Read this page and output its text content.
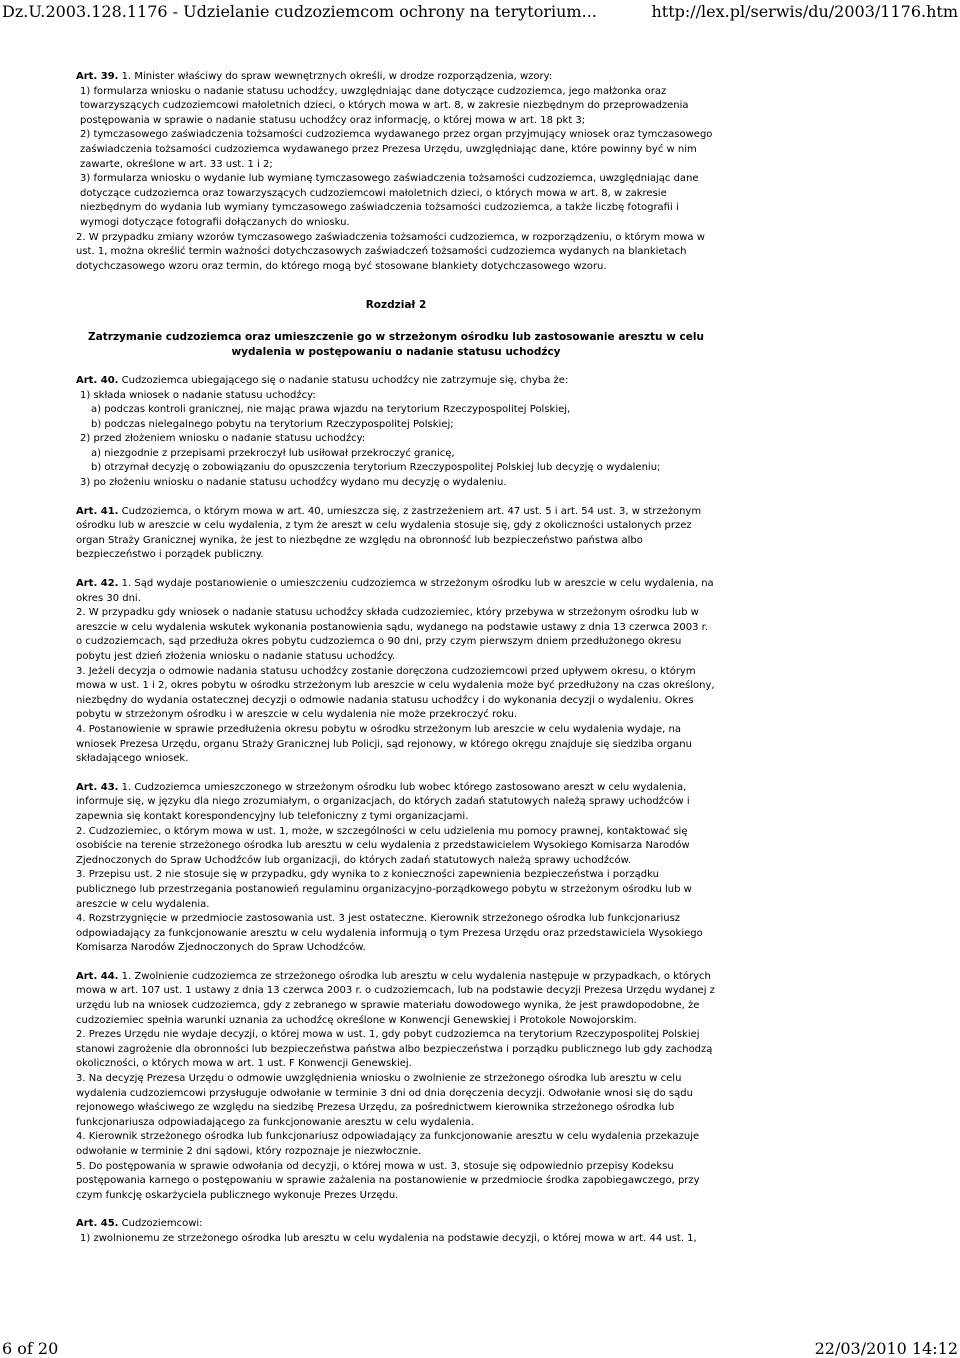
Dz.U.2003.128.1176 - Udzielanie cudzoziemcom ochrony na terytorium...	http://lex.pl/serwis/du/2003/1176.htm

Art. 39. 1. Minister właściwy do spraw wewnętrznych określi, w drodze rozporządzenia, wzory:

1) formularza wniosku o nadanie statusu uchodźcy, uwzględniając dane dotyczące cudzoziemca, jego małżonka oraz towarzyszących cudzoziemcowi małoletnich dzieci, o których mowa w art. 8, w zakresie niezbędnym do przeprowadzenia postępowania w sprawie o nadanie statusu uchodźcy oraz informację, o której mowa w art. 18 pkt 3;

2) tymczasowego zaświadczenia tożsamości cudzoziemca wydawanego przez organ przyjmujący wniosek oraz tymczasowego zaświadczenia tożsamości cudzoziemca wydawanego przez Prezesa Urzędu, uwzględniając dane, które powinny być w nim zawarte, określone w art. 33 ust. 1 i 2;

3) formularza wniosku o wydanie lub wymianę tymczasowego zaświadczenia tożsamości cudzoziemca, uwzględniając dane dotyczące cudzoziemca oraz towarzyszących cudzoziemcowi małoletnich dzieci, o których mowa w art. 8, w zakresie niezbędnym do wydania lub wymiany tymczasowego zaświadczenia tożsamości cudzoziemca, a także liczbę fotografii i wymogi dotyczące fotografii dołączanych do wniosku.

2. W przypadku zmiany wzorów tymczasowego zaświadczenia tożsamości cudzoziemca, w rozporządzeniu, o którym mowa w ust. 1, można określić termin ważności dotychczasowych zaświadczeń tożsamości cudzoziemca wydanych na blankietach dotychczasowego wzoru oraz termin, do którego mogą być stosowane blankiety dotychczasowego wzoru.

Rozdział 2

Zatrzymanie cudzoziemca oraz umieszczenie go w strzeżonym ośrodku lub zastosowanie aresztu w celu wydalenia w postępowaniu o nadanie statusu uchodźcy

Art. 40. Cudzoziemca ubiegającego się o nadanie statusu uchodźcy nie zatrzymuje się, chyba że:

1) składa wniosek o nadanie statusu uchodźcy:

a) podczas kontroli granicznej, nie mając prawa wjazdu na terytorium Rzeczypospolitej Polskiej,

b) podczas nielegalnego pobytu na terytorium Rzeczypospolitej Polskiej;

2) przed złożeniem wniosku o nadanie statusu uchodźcy:

a) niezgodnie z przepisami przekroczył lub usiłował przekroczyć granicę,

b) otrzymał decyzję o zobowiązaniu do opuszczenia terytorium Rzeczypospolitej Polskiej lub decyzję o wydaleniu;

3) po złożeniu wniosku o nadanie statusu uchodźcy wydano mu decyzję o wydaleniu.

Art. 41. Cudzoziemca, o którym mowa w art. 40, umieszcza się, z zastrzeżeniem art. 47 ust. 5 i art. 54 ust. 3, w strzeżonym ośrodku lub w areszcie w celu wydalenia, z tym że areszt w celu wydalenia stosuje się, gdy z okoliczności ustalonych przez organ Straży Granicznej wynika, że jest to niezbędne ze względu na obronność lub bezpieczeństwo państwa albo bezpieczeństwo i porządek publiczny.

Art. 42. 1. Sąd wydaje postanowienie o umieszczeniu cudzoziemca w strzeżonym ośrodku lub w areszcie w celu wydalenia, na okres 30 dni.

2. W przypadku gdy wniosek o nadanie statusu uchodźcy składa cudzoziemiec, który przebywa w strzeżonym ośrodku lub w areszcie w celu wydalenia wskutek wykonania postanowienia sądu, wydanego na podstawie ustawy z dnia 13 czerwca 2003 r. o cudzoziemcach, sąd przedłuża okres pobytu cudzoziemca o 90 dni, przy czym pierwszym dniem przedłużonego okresu pobytu jest dzień złożenia wniosku o nadanie statusu uchodźcy.

3. Jeżeli decyzja o odmowie nadania statusu uchodźcy zostanie doręczona cudzoziemcowi przed upływem okresu, o którym mowa w ust. 1 i 2, okres pobytu w ośrodku strzeżonym lub areszcie w celu wydalenia może być przedłużony na czas określony, niezbędny do wydania ostatecznej decyzji o odmowie nadania statusu uchodźcy i do wykonania decyzji o wydaleniu. Okres pobytu w strzeżonym ośrodku i w areszcie w celu wydalenia nie może przekroczyć roku.

4. Postanowienie w sprawie przedłużenia okresu pobytu w ośrodku strzeżonym lub areszcie w celu wydalenia wydaje, na wniosek Prezesa Urzędu, organu Straży Granicznej lub Policji, sąd rejonowy, w którego okręgu znajduje się siedziba organu składającego wniosek.

Art. 43. 1. Cudzoziemca umieszczonego w strzeżonym ośrodku lub wobec którego zastosowano areszt w celu wydalenia, informuje się, w języku dla niego zrozumiałym, o organizacjach, do których zadań statutowych należą sprawy uchodźców i zapewnia się kontakt korespondencyjny lub telefoniczny z tymi organizacjami.

2. Cudzoziemiec, o którym mowa w ust. 1, może, w szczególności w celu udzielenia mu pomocy prawnej, kontaktować się osobiście na terenie strzeżonego ośrodka lub aresztu w celu wydalenia z przedstawicielem Wysokiego Komisarza Narodów Zjednoczonych do Spraw Uchodźców lub organizacji, do których zadań statutowych należą sprawy uchodźców.

3. Przepisu ust. 2 nie stosuje się w przypadku, gdy wynika to z konieczności zapewnienia bezpieczeństwa i porządku publicznego lub przestrzegania postanowień regulaminu organizacyjno-porządkowego pobytu w strzeżonym ośrodku lub w areszcie w celu wydalenia.

4. Rozstrzygnięcie w przedmiocie zastosowania ust. 3 jest ostateczne. Kierownik strzeżonego ośrodka lub funkcjonariusz odpowiadający za funkcjonowanie aresztu w celu wydalenia informują o tym Prezesa Urzędu oraz przedstawiciela Wysokiego Komisarza Narodów Zjednoczonych do Spraw Uchodźców.

Art. 44. 1. Zwolnienie cudzoziemca ze strzeżonego ośrodka lub aresztu w celu wydalenia następuje w przypadkach, o których mowa w art. 107 ust. 1 ustawy z dnia 13 czerwca 2003 r. o cudzoziemcach, lub na podstawie decyzji Prezesa Urzędu wydanej z urzędu lub na wniosek cudzoziemca, gdy z zebranego w sprawie materiału dowodowego wynika, że jest prawdopodobne, że cudzoziemiec spełnia warunki uznania za uchodźcę określone w Konwencji Genewskiej i Protokole Nowojorskim.

2. Prezes Urzędu nie wydaje decyzji, o której mowa w ust. 1, gdy pobyt cudzoziemca na terytorium Rzeczypospolitej Polskiej stanowi zagrożenie dla obronności lub bezpieczeństwa państwa albo bezpieczeństwa i porządku publicznego lub gdy zachodzą okoliczności, o których mowa w art. 1 ust. F Konwencji Genewskiej.

3. Na decyzję Prezesa Urzędu o odmowie uwzględnienia wniosku o zwolnienie ze strzeżonego ośrodka lub aresztu w celu wydalenia cudzoziemcowi przysługuje odwołanie w terminie 3 dni od dnia doręczenia decyzji. Odwołanie wnosi się do sądu rejonowego właściwego ze względu na siedzibę Prezesa Urzędu, za pośrednictwem kierownika strzeżonego ośrodka lub funkcjonariusza odpowiadającego za funkcjonowanie aresztu w celu wydalenia.

4. Kierownik strzeżonego ośrodka lub funkcjonariusz odpowiadający za funkcjonowanie aresztu w celu wydalenia przekazuje odwołanie w terminie 2 dni sądowi, który rozpoznaje je niezwłocznie.

5. Do postępowania w sprawie odwołania od decyzji, o której mowa w ust. 3, stosuje się odpowiednio przepisy Kodeksu postępowania karnego o postępowaniu w sprawie zażalenia na postanowienie w przedmiocie środka zapobiegawczego, przy czym funkcję oskarżyciela publicznego wykonuje Prezes Urzędu.

Art. 45. Cudzoziemcowi:

1) zwolnionemu ze strzeżonego ośrodka lub aresztu w celu wydalenia na podstawie decyzji, o której mowa w art. 44 ust. 1,

6 of 20	22/03/2010 14:12
